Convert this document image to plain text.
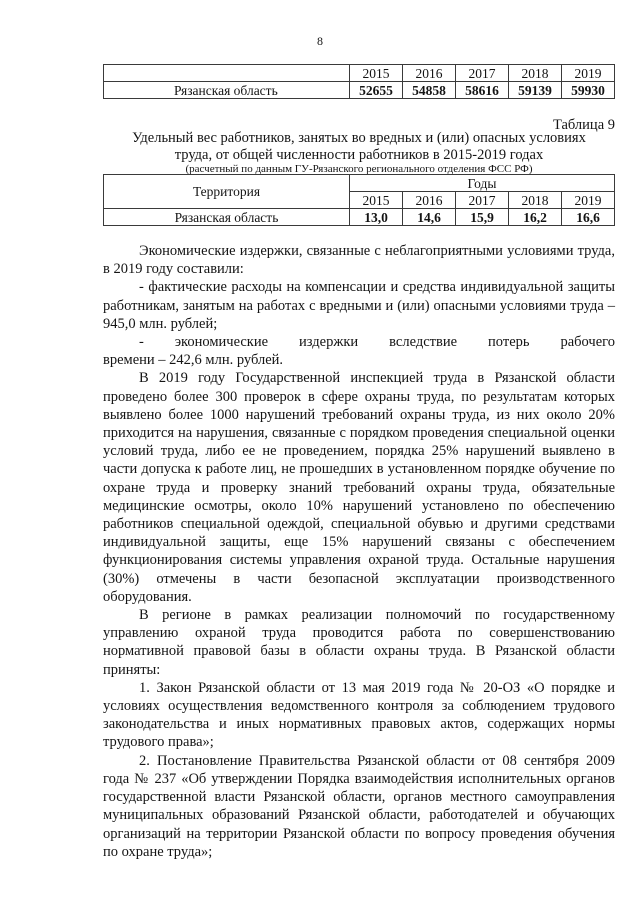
8
	2015	2016	2017	2018	2019
Рязанская область	52655	54858	58616	59139	59930
Таблица 9
Удельный вес работников, занятых во вредных и (или) опасных условиях
труда, от общей численности работников в 2015-2019 годах
(расчетный по данным ГУ-Рязанского регионального отделения ФСС РФ)
Территория	Годы				
	2015	2016	2017	2018	2019
Рязанская область	13,0	14,6	15,9	16,2	16,6

Экономические издержки, связанные с неблагоприятными условиями труда, в 2019 году составили:

- фактические расходы на компенсации и средства индивидуальной защиты работникам, занятым на работах с вредными и (или) опасными условиями труда – 945,0 млн. рублей;

- экономические издержки вследствие потерь рабочего

времени – 242,6 млн. рублей.

В 2019 году Государственной инспекцией труда в Рязанской области проведено более 300 проверок в сфере охраны труда, по результатам которых выявлено более 1000 нарушений требований охраны труда, из них около 20% приходится на нарушения, связанные с порядком проведения специальной оценки условий труда, либо ее не проведением, порядка 25% нарушений выявлено в части допуска к работе лиц, не прошедших в установленном порядке обучение по охране труда и проверку знаний требований охраны труда, обязательные медицинские осмотры, около 10% нарушений установлено по обеспечению работников специальной одеждой, специальной обувью и другими средствами индивидуальной защиты, еще 15% нарушений связаны с обеспечением функционирования системы управления охраной труда. Остальные нарушения (30%) отмечены в части безопасной эксплуатации производственного оборудования.

В регионе в рамках реализации полномочий по государственному управлению охраной труда проводится работа по совершенствованию нормативной правовой базы в области охраны труда. В Рязанской области приняты:

1. Закон Рязанской области от 13 мая 2019 года № 20-ОЗ «О порядке и условиях осуществления ведомственного контроля за соблюдением трудового законодательства и иных нормативных правовых актов, содержащих нормы трудового права»;

2. Постановление Правительства Рязанской области от 08 сентября 2009 года № 237 «Об утверждении Порядка взаимодействия исполнительных органов государственной власти Рязанской области, органов местного самоуправления муниципальных образований Рязанской области, работодателей и обучающих организаций на территории Рязанской области по вопросу проведения обучения по охране труда»;
